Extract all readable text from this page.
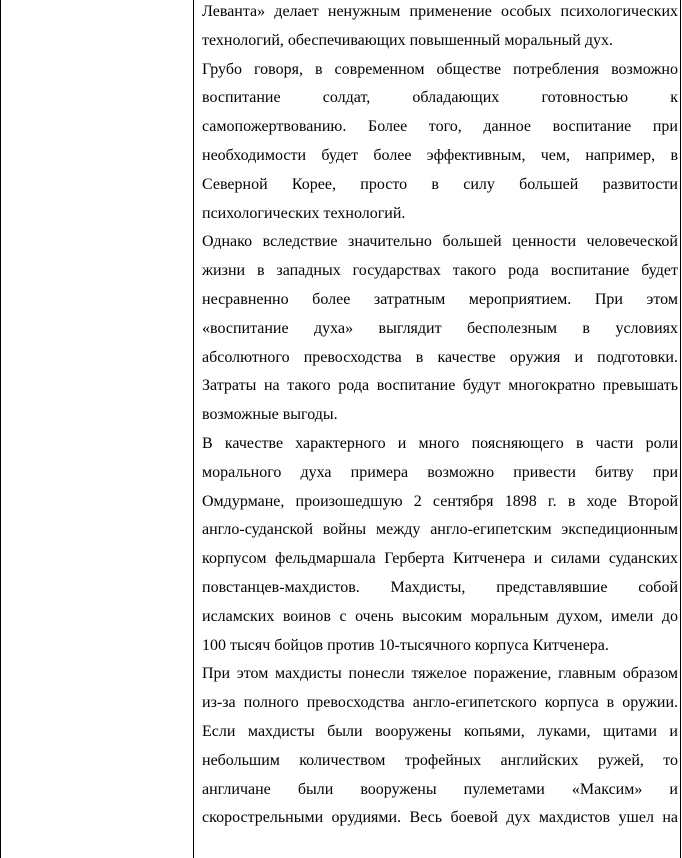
Леванта» делает ненужным применение особых психологических
технологий, обеспечивающих повышенный моральный дух.
Грубо говоря, в современном обществе потребления возможно
воспитание солдат, обладающих готовностью к
самопожертвованию. Более того, данное воспитание при
необходимости будет более эффективным, чем, например, в
Северной Корее, просто в силу большей развитости
психологических технологий.
Однако вследствие значительно большей ценности человеческой
жизни в западных государствах такого рода воспитание будет
несравненно более затратным мероприятием. При этом
«воспитание духа» выглядит бесполезным в условиях
абсолютного превосходства в качестве оружия и подготовки.
Затраты на такого рода воспитание будут многократно превышать
возможные выгоды.
В качестве характерного и много поясняющего в части роли
морального духа примера возможно привести битву при
Омдурмане, произошедшую 2 сентября 1898 г. в ходе Второй
англо-суданской войны между англо-египетским экспедиционным
корпусом фельдмаршала Герберта Китченера и силами суданских
повстанцев-махдистов. Махдисты, представлявшие собой
исламских воинов с очень высоким моральным духом, имели до
100 тысяч бойцов против 10-тысячного корпуса Китченера.
При этом махдисты понесли тяжелое поражение, главным образом
из-за полного превосходства англо-египетского корпуса в оружии.
Если махдисты были вооружены копьями, луками, щитами и
небольшим количеством трофейных английских ружей, то
англичане были вооружены пулеметами «Максим» и
скорострельными орудиями. Весь боевой дух махдистов ушел на
